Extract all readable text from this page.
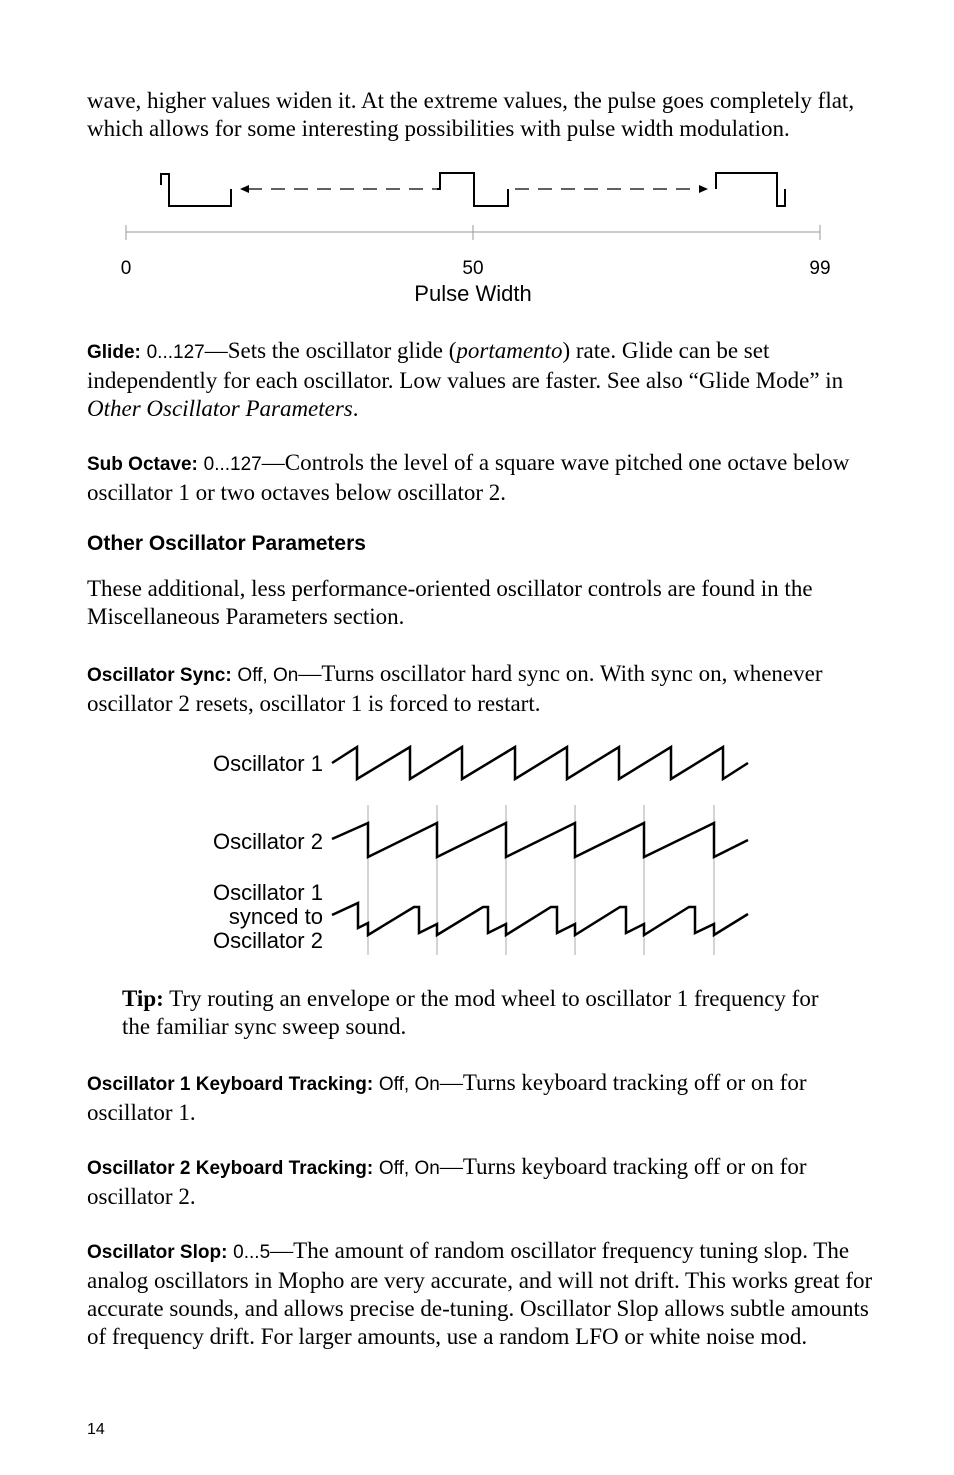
wave, higher values widen it. At the extreme values, the pulse goes completely flat, which allows for some interesting possibilities with pulse width modulation.
0	50	99
Pulse Width
Glide: 0...127—Sets the oscillator glide (portamento) rate. Glide can be set independently for each oscillator. Low values are faster. See also “Glide Mode” in Other Oscillator Parameters.
Sub Octave: 0...127—Controls the level of a square wave pitched one octave below oscillator 1 or two octaves below oscillator 2.
Other Oscillator Parameters
These additional, less performance-oriented oscillator controls are found in the Miscellaneous Parameters section.
Oscillator Sync: Off, On—Turns oscillator hard sync on. With sync on, whenever oscillator 2 resets, oscillator 1 is forced to restart.
Oscillator 1
Oscillator 2
Oscillator 1
synced to
Oscillator 2
Tip: Try routing an envelope or the mod wheel to oscillator 1 frequency for the familiar sync sweep sound.
Oscillator 1 Keyboard Tracking: Off, On—Turns keyboard tracking off or on for oscillator 1.
Oscillator 2 Keyboard Tracking: Off, On—Turns keyboard tracking off or on for oscillator 2.
Oscillator Slop: 0...5—The amount of random oscillator frequency tuning slop. The analog oscillators in Mopho are very accurate, and will not drift. This works great for accurate sounds, and allows precise de-tuning. Oscillator Slop allows subtle amounts of frequency drift. For larger amounts, use a random LFO or white noise mod.
14
